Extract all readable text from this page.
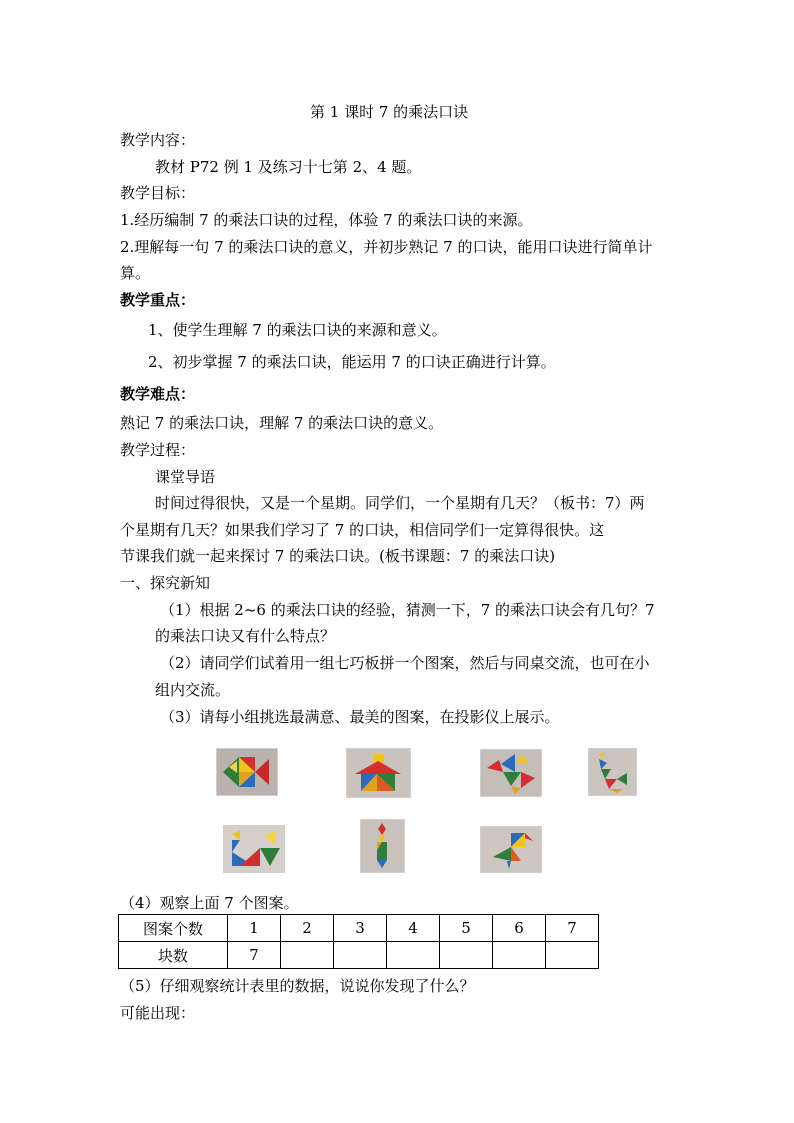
第 1 课时 7 的乘法口诀
教学内容：
教材 P72 例 1 及练习十七第 2、4 题。
教学目标：
1.经历编制 7 的乘法口诀的过程，体验 7 的乘法口诀的来源。
2.理解每一句 7 的乘法口诀的意义，并初步熟记 7 的口诀，能用口诀进行简单计
算。
教学重点：
1、使学生理解 7 的乘法口诀的来源和意义。
2、初步掌握 7 的乘法口诀，能运用 7 的口诀正确进行计算。
教学难点：
熟记 7 的乘法口诀，理解 7 的乘法口诀的意义。
教学过程：
课堂导语
时间过得很快，又是一个星期。同学们，一个星期有几天？（板书：7）两
个星期有几天？如果我们学习了 7 的口诀，相信同学们一定算得很快。这
节课我们就一起来探讨 7 的乘法口诀。(板书课题：7 的乘法口诀)
一、探究新知
（1）根据 2~6 的乘法口诀的经验，猜测一下，7 的乘法口诀会有几句？7
的乘法口诀又有什么特点？
（2）请同学们试着用一组七巧板拼一个图案，然后与同桌交流，也可在小
组内交流。
（3）请每小组挑选最满意、最美的图案，在投影仪上展示。
（4）观察上面 7 个图案。
图案个数	1	2	3	4	5	6	7
块数	7						
（5）仔细观察统计表里的数据，说说你发现了什么？
可能出现：
